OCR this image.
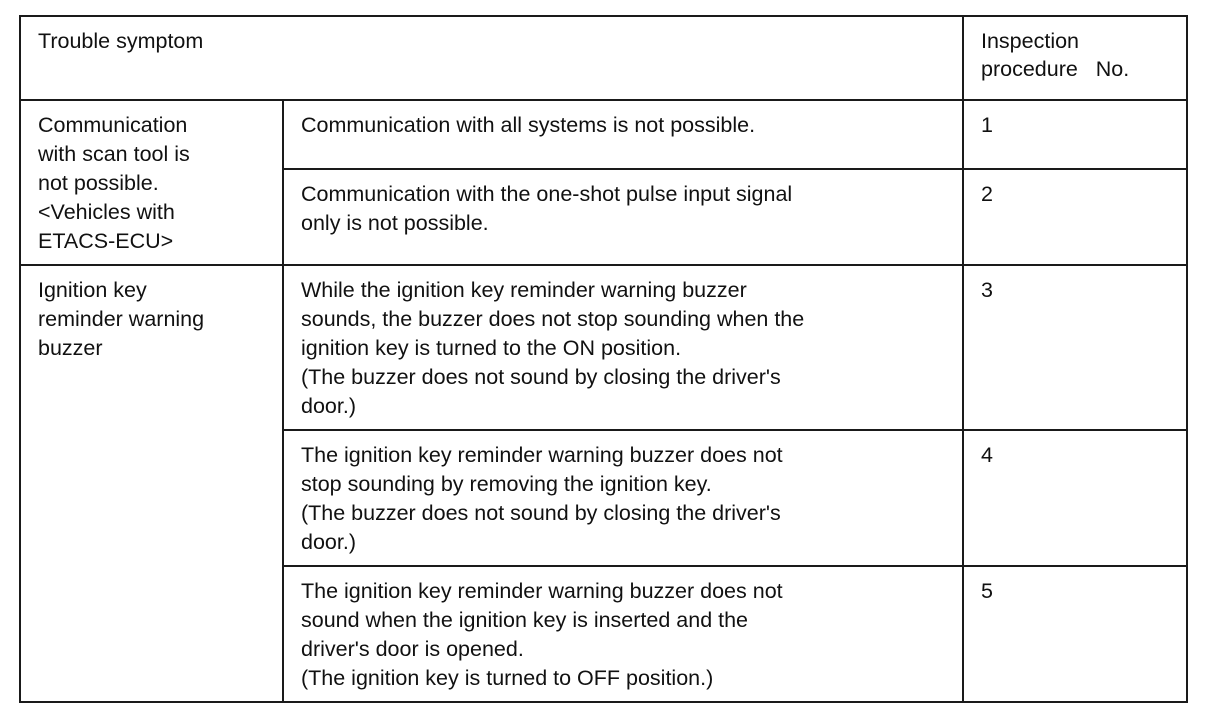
Trouble symptom		Inspection
procedure   No.

Communication
with scan tool is
not possible.
<Vehicles with
ETACS-ECU>	Communication with all systems is not possible.	1

	Communication with the one-shot pulse input signal
only is not possible.	2

Ignition key
reminder warning
buzzer	While the ignition key reminder warning buzzer
sounds, the buzzer does not stop sounding when the
ignition key is turned to the ON position.
(The buzzer does not sound by closing the driver's
door.)	3

	The ignition key reminder warning buzzer does not
stop sounding by removing the ignition key.
(The buzzer does not sound by closing the driver's
door.)	4

	The ignition key reminder warning buzzer does not
sound when the ignition key is inserted and the
driver's door is opened.
(The ignition key is turned to OFF position.)	5
